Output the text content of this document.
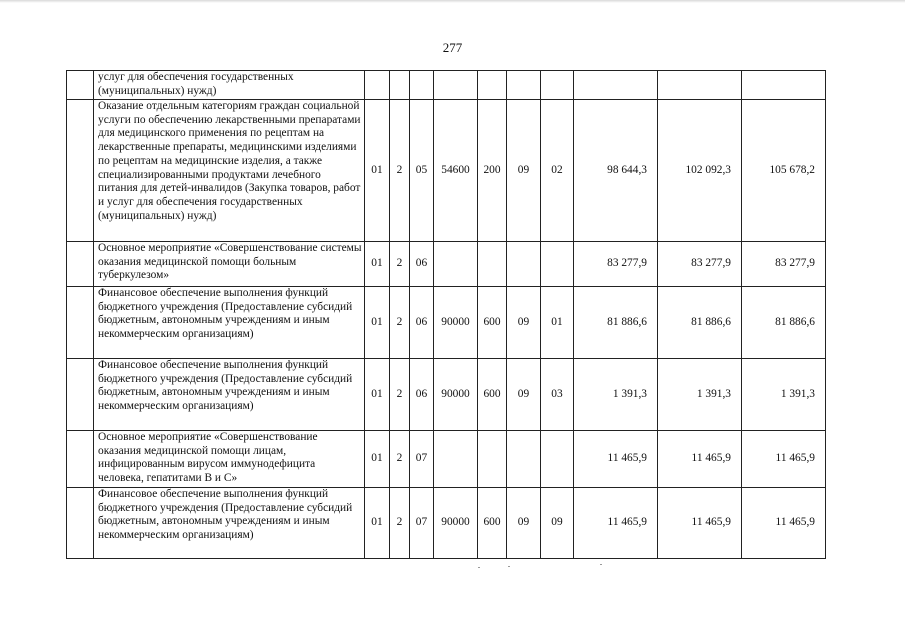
277
	услуг для обеспечения государственных (муниципальных) нужд)										
	Оказание отдельным категориям граждан социальной услуги по обеспечению лекарственными препаратами для медицинского применения по рецептам на лекарственные препараты, медицинскими изделиями по рецептам на медицинские изделия, а также специализированными продуктами лечебного питания для детей-инвалидов (Закупка товаров, работ и услуг для обеспечения государственных (муниципальных) нужд)	01	2	05	54600	200	09	02	98 644,3	102 092,3	105 678,2
	Основное мероприятие «Совершенствование системы оказания медицинской помощи больным туберкулезом»	01	2	06					83 277,9	83 277,9	83 277,9
	Финансовое обеспечение выполнения функций бюджетного учреждения (Предоставление субсидий бюджетным, автономным учреждениям и иным некоммерческим организациям)	01	2	06	90000	600	09	01	81 886,6	81 886,6	81 886,6
	Финансовое обеспечение выполнения функций бюджетного учреждения (Предоставление субсидий бюджетным, автономным учреждениям и иным некоммерческим организациям)	01	2	06	90000	600	09	03	1 391,3	1 391,3	1 391,3
	Основное мероприятие «Совершенствование оказания медицинской помощи лицам, инфицированным вирусом иммунодефицита человека, гепатитами В и С»	01	2	07					11 465,9	11 465,9	11 465,9
	Финансовое обеспечение выполнения функций бюджетного учреждения (Предоставление субсидий бюджетным, автономным учреждениям и иным некоммерческим организациям)	01	2	07	90000	600	09	09	11 465,9	11 465,9	11 465,9
